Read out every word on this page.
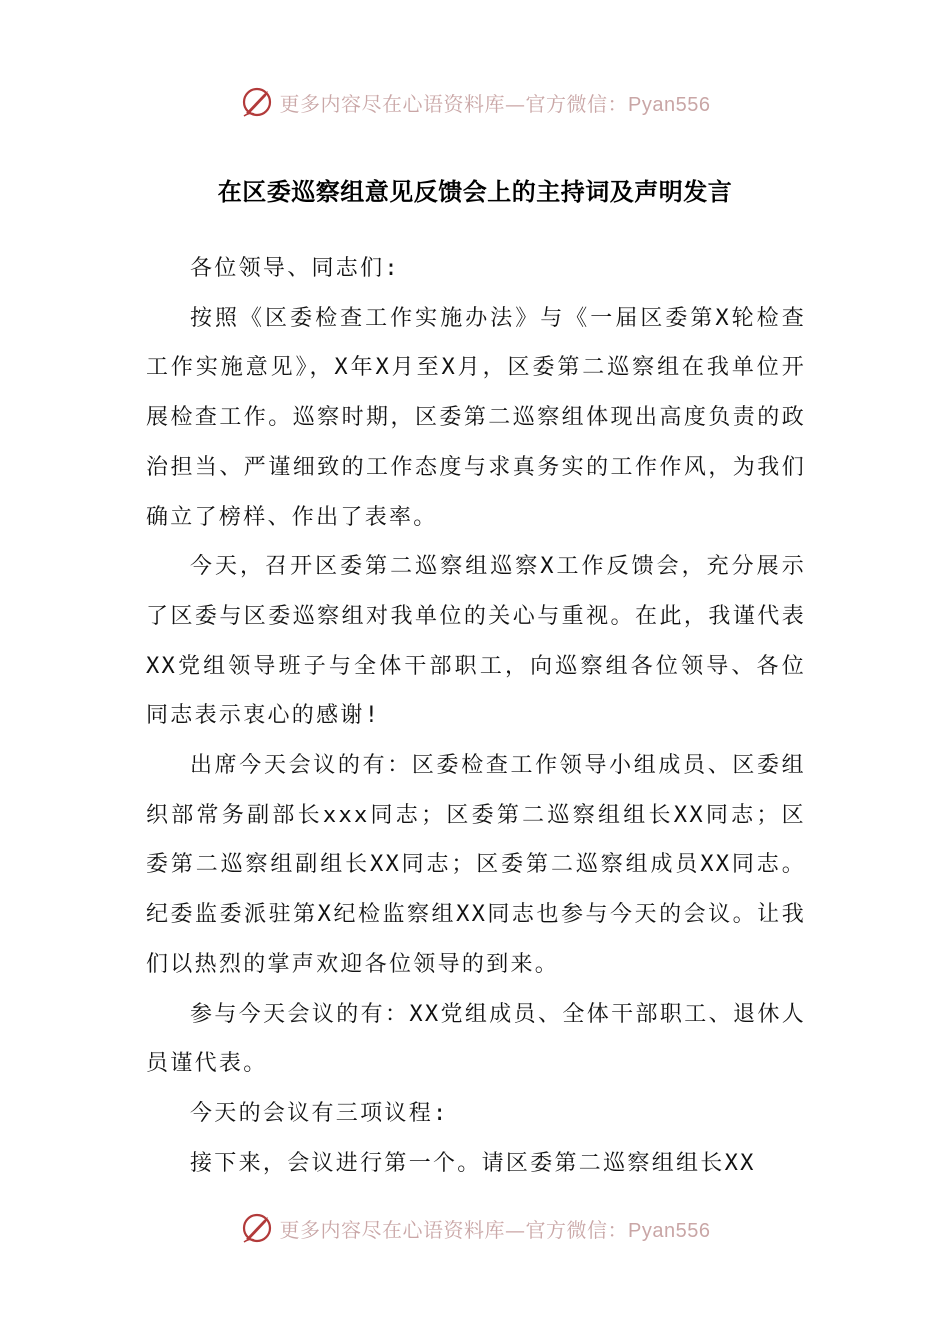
更多内容尽在心语资料库—官方微信：Pyan556
在区委巡察组意见反馈会上的主持词及声明发言

各位领导、同志们:

按照《区委检查工作实施办法》与《一届区委第X轮检查工作实施意见》，X年X月至X月，区委第二巡察组在我单位开展检查工作。巡察时期，区委第二巡察组体现出高度负责的政治担当、严谨细致的工作态度与求真务实的工作作风，为我们确立了榜样、作出了表率。

今天，召开区委第二巡察组巡察X工作反馈会，充分展示了区委与区委巡察组对我单位的关心与重视。在此，我谨代表XX党组领导班子与全体干部职工，向巡察组各位领导、各位同志表示衷心的感谢!

出席今天会议的有：区委检查工作领导小组成员、区委组织部常务副部长xxx同志；区委第二巡察组组长XX同志；区委第二巡察组副组长XX同志；区委第二巡察组成员XX同志。纪委监委派驻第X纪检监察组XX同志也参与今天的会议。让我们以热烈的掌声欢迎各位领导的到来。

参与今天会议的有：XX党组成员、全体干部职工、退休人员谨代表。

今天的会议有三项议程:

接下来，会议进行第一个。请区委第二巡察组组长XX

更多内容尽在心语资料库—官方微信：Pyan556
